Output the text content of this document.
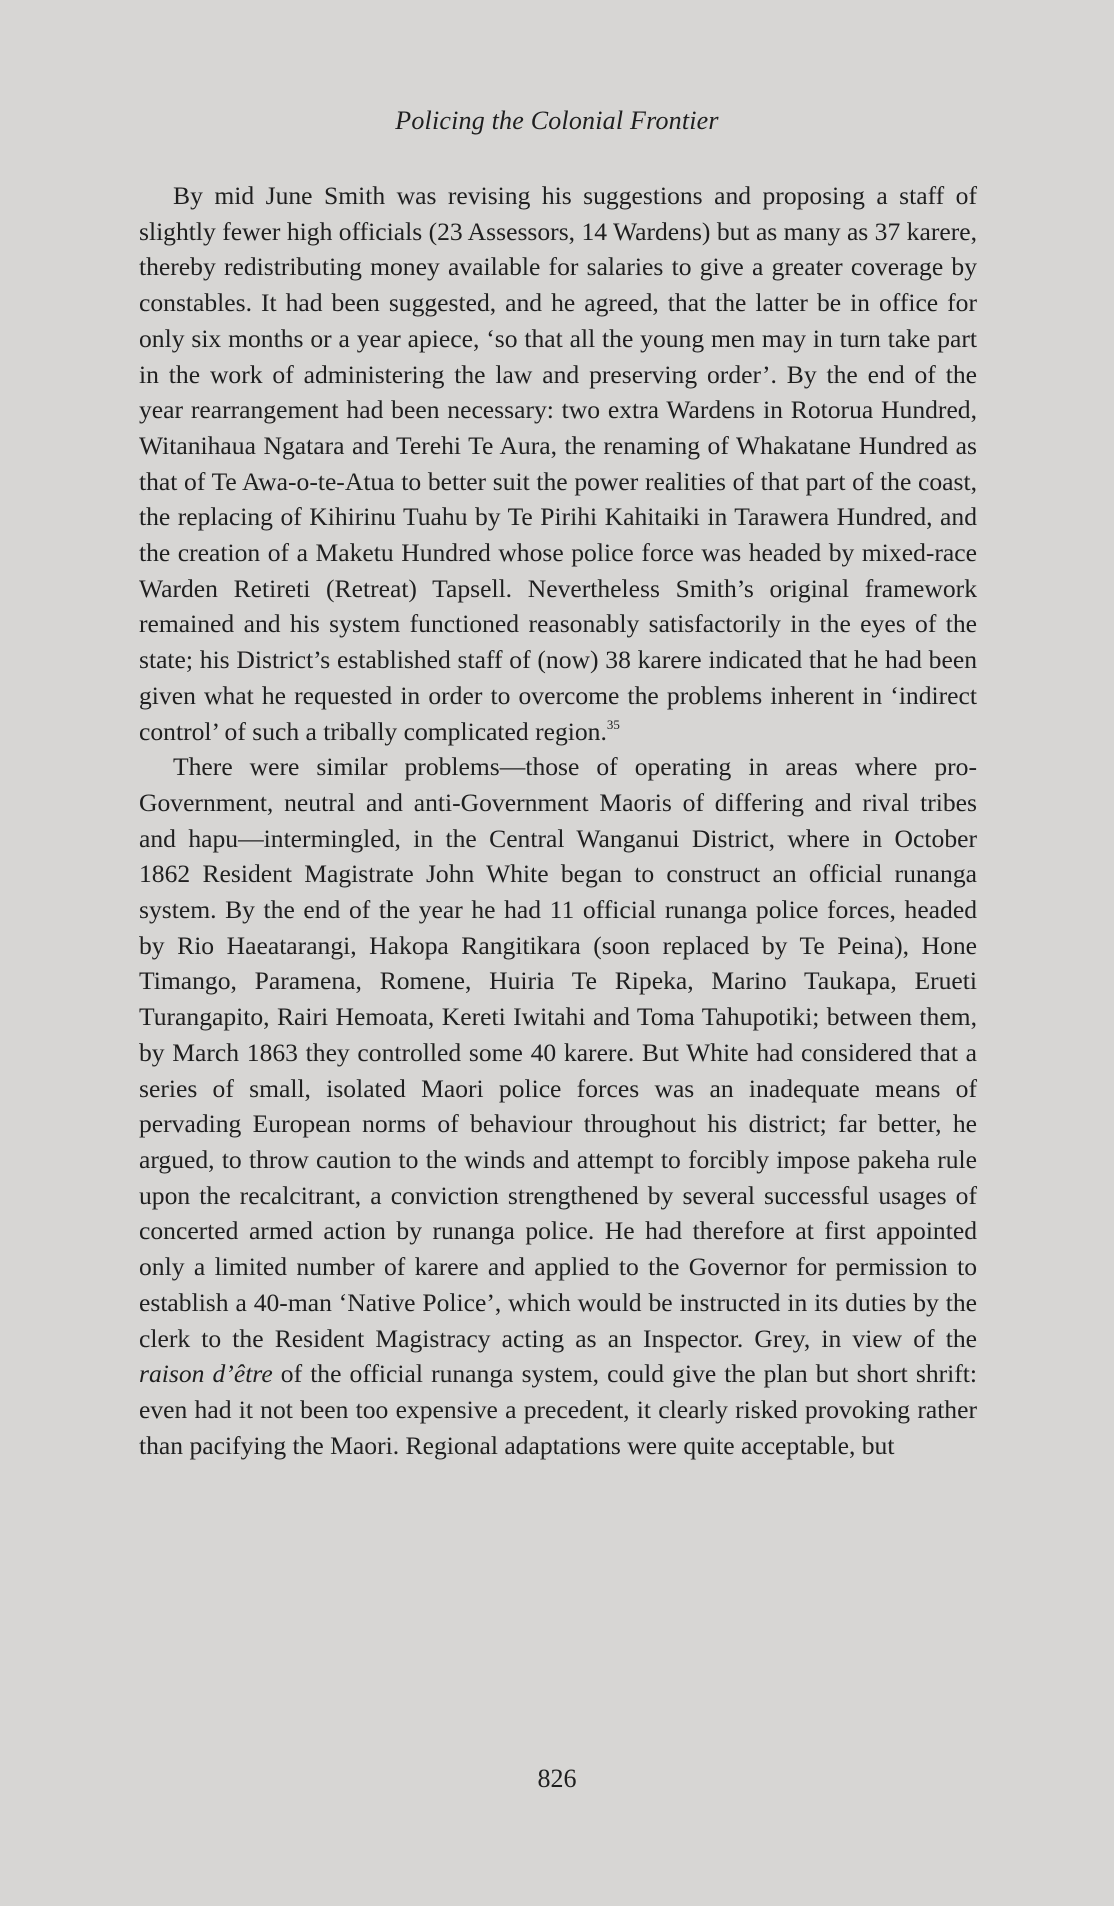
Policing the Colonial Frontier

By mid June Smith was revising his suggestions and proposing a staff of slightly fewer high officials (23 Assessors, 14 Wardens) but as many as 37 karere, thereby redistributing money available for salaries to give a greater coverage by constables. It had been suggested, and he agreed, that the latter be in office for only six months or a year apiece, ‘so that all the young men may in turn take part in the work of administering the law and preserving order’. By the end of the year rearrangement had been necessary: two extra Wardens in Rotorua Hundred, Witanihaua Ngatara and Terehi Te Aura, the renaming of Whakatane Hundred as that of Te Awa-o-te-Atua to better suit the power realities of that part of the coast, the replacing of Kihirinu Tuahu by Te Pirihi Kahitaiki in Tarawera Hundred, and the creation of a Maketu Hundred whose police force was headed by mixed-race Warden Retireti (Retreat) Tapsell. Nevertheless Smith’s original framework remained and his system functioned reasonably satisfactorily in the eyes of the state; his District’s established staff of (now) 38 karere indicated that he had been given what he requested in order to overcome the problems inherent in ‘indirect control’ of such a tribally complicated region.$^{35}$

There were similar problems—those of operating in areas where pro-Government, neutral and anti-Government Maoris of differing and rival tribes and hapu—intermingled, in the Central Wanganui District, where in October 1862 Resident Magistrate John White began to construct an official runanga system. By the end of the year he had 11 official runanga police forces, headed by Rio Haeatarangi, Hakopa Rangitikara (soon replaced by Te Peina), Hone Timango, Paramena, Romene, Huiria Te Ripeka, Marino Taukapa, Erueti Turangapito, Rairi Hemoata, Kereti Iwitahi and Toma Tahupotiki; between them, by March 1863 they controlled some 40 karere. But White had considered that a series of small, isolated Maori police forces was an inadequate means of pervading European norms of behaviour throughout his district; far better, he argued, to throw caution to the winds and attempt to forcibly impose pakeha rule upon the recalcitrant, a conviction strengthened by several successful usages of concerted armed action by runanga police. He had therefore at first appointed only a limited number of karere and applied to the Governor for permission to establish a 40-man ‘Native Police’, which would be instructed in its duties by the clerk to the Resident Magistracy acting as an Inspector. Grey, in view of the raison d’être of the official runanga system, could give the plan but short shrift: even had it not been too expensive a precedent, it clearly risked provoking rather than pacifying the Maori. Regional adaptations were quite acceptable, but

826
